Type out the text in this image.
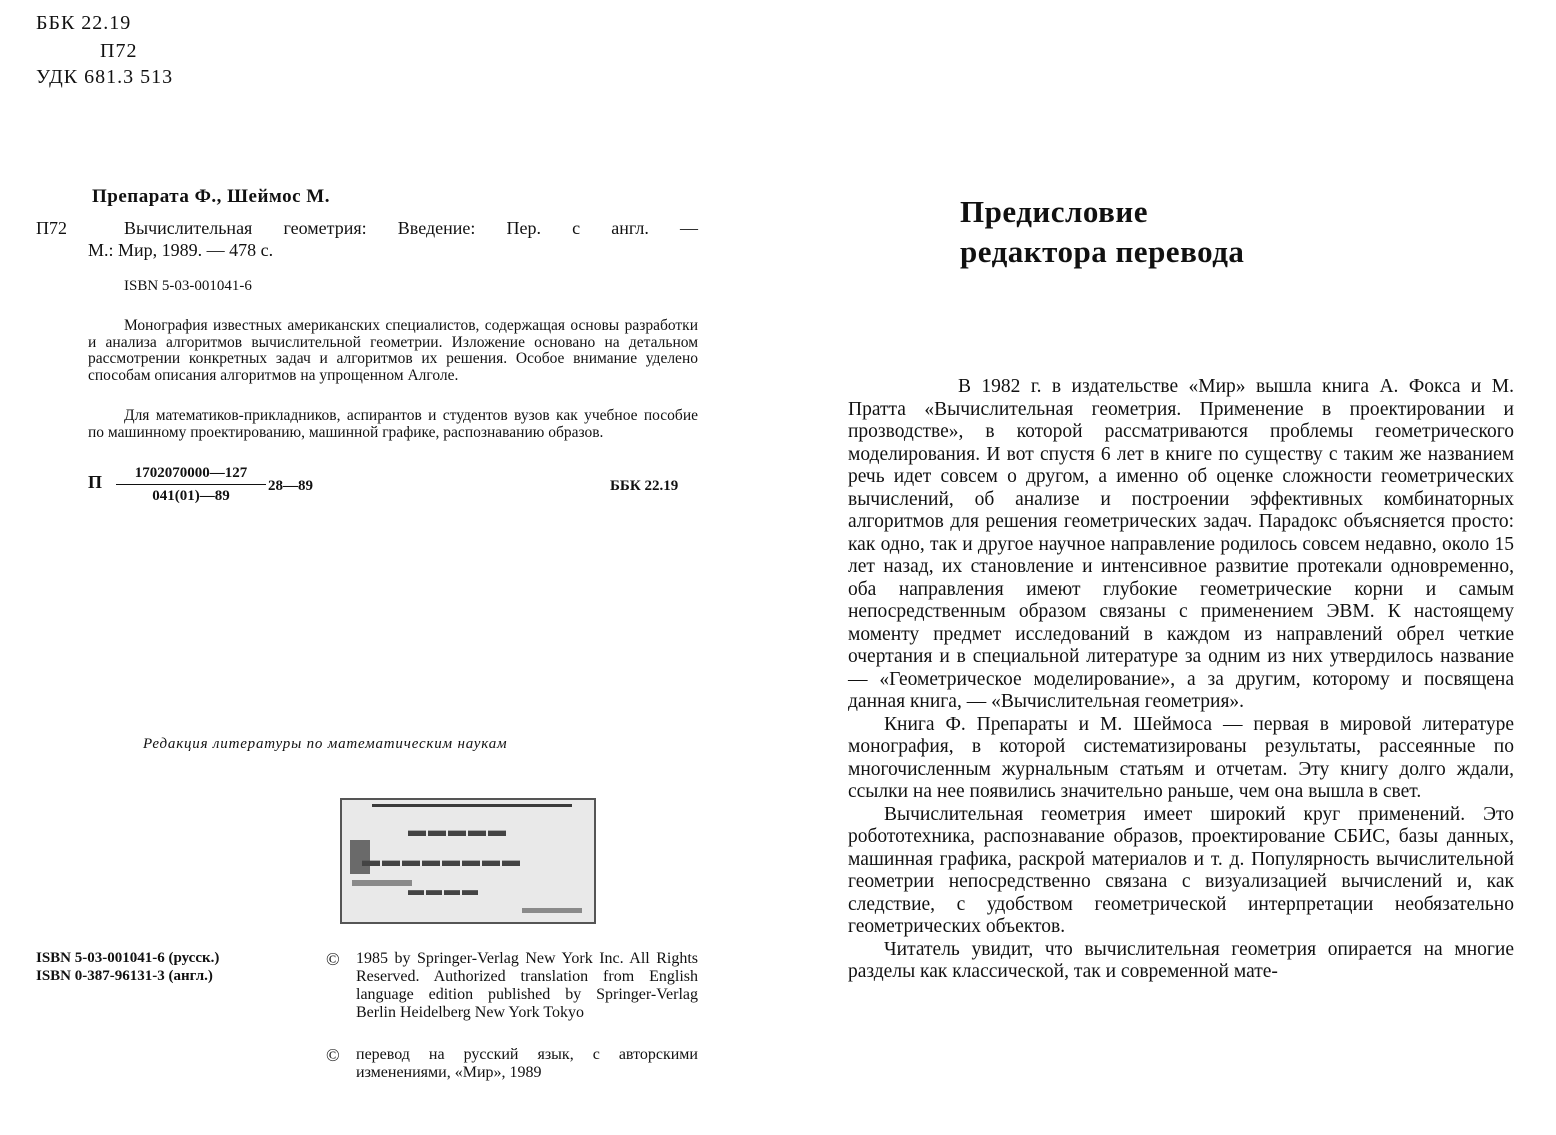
ББК 22.19
П72
УДК 681.3 513
Препарата Ф., Шеймос М.
П72	Вычислительная геометрия: Введение: Пер. с англ. —
М.: Мир, 1989. — 478 с.
ISBN 5-03-001041-6

Монография известных американских специалистов, содержащая основы разработки и анализа алгоритмов вычислительной геометрии. Изложение основано на детальном рассмотрении конкретных задач и алгоритмов их решения. Особое внимание уделено способам описания алгоритмов на упрощенном Алголе.

Для математиков-прикладников, аспирантов и студентов вузов как учебное пособие по машинному проектированию, машинной графике, распознаванию образов.

П	1702070000—127
041(01)—89
28—89	ББК 22.19
Редакция литературы по математическим наукам
▬▬▬▬▬
▬▬▬▬▬▬▬▬
▬▬▬▬
ISBN 5-03-001041-6 (русск.)
ISBN 0-387-96131-3 (англ.)
© 1985 by Springer-Verlag New York Inc. All Rights Reserved. Authorized translation from English language edition published by Springer-Verlag Berlin Heidelberg New York Tokyo
© перевод на русский язык, с авторскими изменениями, «Мир», 1989
Предисловие
редактора перевода

В 1982 г. в издательстве «Мир» вышла книга А. Фокса и М. Пратта «Вычислительная геометрия. Применение в проектировании и прозводстве», в которой рассматриваются проблемы геометрического моделирования. И вот спустя 6 лет в книге по существу с таким же названием речь идет совсем о другом, а именно об оценке сложности геометрических вычислений, об анализе и построении эффективных комбинаторных алгоритмов для решения геометрических задач. Парадокс объясняется просто: как одно, так и другое научное направление родилось совсем недавно, около 15 лет назад, их становление и интенсивное развитие протекали одновременно, оба направления имеют глубокие геометрические корни и самым непосредственным образом связаны с применением ЭВМ. К настоящему моменту предмет исследований в каждом из направлений обрел четкие очертания и в специальной литературе за одним из них утвердилось название — «Геометрическое моделирование», а за другим, которому и посвящена данная книга, — «Вычислительная геометрия».

Книга Ф. Препараты и М. Шеймоса — первая в мировой литературе монография, в которой систематизированы результаты, рассеянные по многочисленным журнальным статьям и отчетам. Эту книгу долго ждали, ссылки на нее появились значительно раньше, чем она вышла в свет.

Вычислительная геометрия имеет широкий круг применений. Это робототехника, распознавание образов, проектирование СБИС, базы данных, машинная графика, раскрой материалов и т. д. Популярность вычислительной геометрии непосредственно связана с визуализацией вычислений и, как следствие, с удобством геометрической интерпретации необязательно геометрических объектов.

Читатель увидит, что вычислительная геометрия опирается на многие разделы как классической, так и современной мате-
